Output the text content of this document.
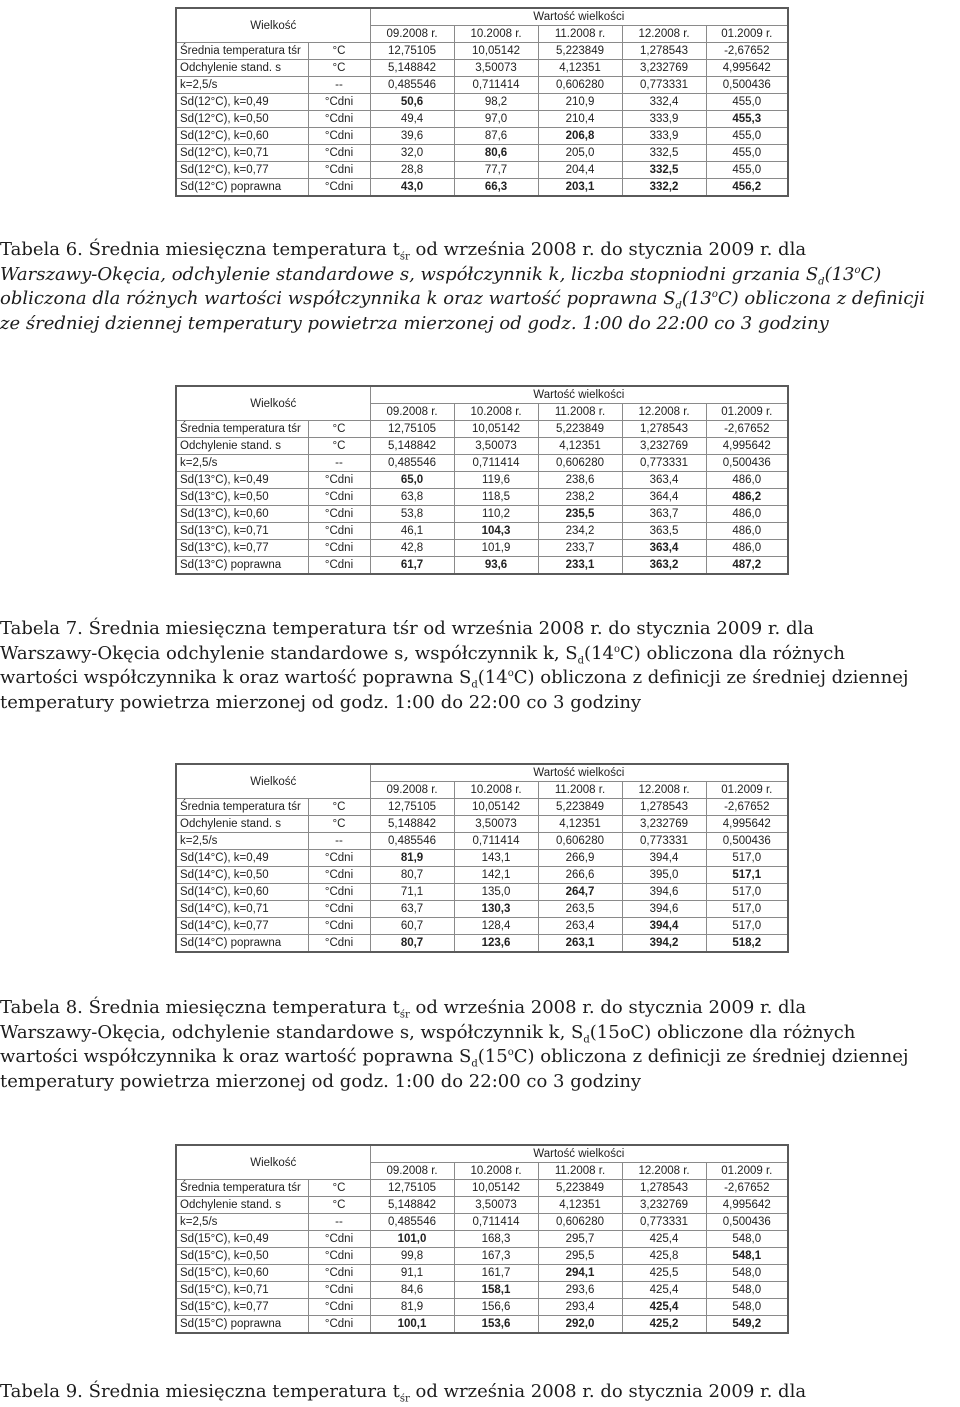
Wielkość		Wartość wielkości				
		09.2008 r.	10.2008 r.	11.2008 r.	12.2008 r.	01.2009 r.
Średnia temperatura tśr	°C	12,75105	10,05142	5,223849	1,278543	-2,67652
Odchylenie stand. s	°C	5,148842	3,50073	4,12351	3,232769	4,995642
k=2,5/s	--	0,485546	0,711414	0,606280	0,773331	0,500436
Sd(12°C), k=0,49	°Cdni	50,6	98,2	210,9	332,4	455,0
Sd(12°C), k=0,50	°Cdni	49,4	97,0	210,4	333,9	455,3
Sd(12°C), k=0,60	°Cdni	39,6	87,6	206,8	333,9	455,0
Sd(12°C), k=0,71	°Cdni	32,0	80,6	205,0	332,5	455,0
Sd(12°C), k=0,77	°Cdni	28,8	77,7	204,4	332,5	455,0
Sd(12°C) poprawna	°Cdni	43,0	66,3	203,1	332,2	456,2

Tabela 6. Średnia miesięczna temperatura $t_{śr}$ od września 2008 r. do stycznia 2009 r. dla
Warszawy-Okęcia, odchylenie standardowe s, współczynnik k, liczba stopniodni grzania $S_d(13^oC)$
obliczona dla różnych wartości współczynnika k oraz wartość poprawna $S_d(13^oC)$ obliczona z definicji
ze średniej dziennej temperatury powietrza mierzonej od godz. 1:00 do 22:00 co 3 godziny

Wielkość		Wartość wielkości				
		09.2008 r.	10.2008 r.	11.2008 r.	12.2008 r.	01.2009 r.
Średnia temperatura tśr	°C	12,75105	10,05142	5,223849	1,278543	-2,67652
Odchylenie stand. s	°C	5,148842	3,50073	4,12351	3,232769	4,995642
k=2,5/s	--	0,485546	0,711414	0,606280	0,773331	0,500436
Sd(13°C), k=0,49	°Cdni	65,0	119,6	238,6	363,4	486,0
Sd(13°C), k=0,50	°Cdni	63,8	118,5	238,2	364,4	486,2
Sd(13°C), k=0,60	°Cdni	53,8	110,2	235,5	363,7	486,0
Sd(13°C), k=0,71	°Cdni	46,1	104,3	234,2	363,5	486,0
Sd(13°C), k=0,77	°Cdni	42,8	101,9	233,7	363,4	486,0
Sd(13°C) poprawna	°Cdni	61,7	93,6	233,1	363,2	487,2

Tabela 7. Średnia miesięczna temperatura tśr od września 2008 r. do stycznia 2009 r. dla
Warszawy-Okęcia odchylenie standardowe s, współczynnik k, $S_d(14^oC)$ obliczona dla różnych
wartości współczynnika k oraz wartość poprawna $S_d(14^oC)$ obliczona z definicji ze średniej dziennej
temperatury powietrza mierzonej od godz. 1:00 do 22:00 co 3 godziny

Wielkość		Wartość wielkości				
		09.2008 r.	10.2008 r.	11.2008 r.	12.2008 r.	01.2009 r.
Średnia temperatura tśr	°C	12,75105	10,05142	5,223849	1,278543	-2,67652
Odchylenie stand. s	°C	5,148842	3,50073	4,12351	3,232769	4,995642
k=2,5/s	--	0,485546	0,711414	0,606280	0,773331	0,500436
Sd(14°C), k=0,49	°Cdni	81,9	143,1	266,9	394,4	517,0
Sd(14°C), k=0,50	°Cdni	80,7	142,1	266,6	395,0	517,1
Sd(14°C), k=0,60	°Cdni	71,1	135,0	264,7	394,6	517,0
Sd(14°C), k=0,71	°Cdni	63,7	130,3	263,5	394,6	517,0
Sd(14°C), k=0,77	°Cdni	60,7	128,4	263,4	394,4	517,0
Sd(14°C) poprawna	°Cdni	80,7	123,6	263,1	394,2	518,2

Tabela 8. Średnia miesięczna temperatura $t_{śr}$ od września 2008 r. do stycznia 2009 r. dla
Warszawy-Okęcia, odchylenie standardowe s, współczynnik k, $S_d(15oC)$ obliczone dla różnych
wartości współczynnika k oraz wartość poprawna $S_d(15^oC)$ obliczona z definicji ze średniej dziennej
temperatury powietrza mierzonej od godz. 1:00 do 22:00 co 3 godziny

Wielkość		Wartość wielkości				
		09.2008 r.	10.2008 r.	11.2008 r.	12.2008 r.	01.2009 r.
Średnia temperatura tśr	°C	12,75105	10,05142	5,223849	1,278543	-2,67652
Odchylenie stand. s	°C	5,148842	3,50073	4,12351	3,232769	4,995642
k=2,5/s	--	0,485546	0,711414	0,606280	0,773331	0,500436
Sd(15°C), k=0,49	°Cdni	101,0	168,3	295,7	425,4	548,0
Sd(15°C), k=0,50	°Cdni	99,8	167,3	295,5	425,8	548,1
Sd(15°C), k=0,60	°Cdni	91,1	161,7	294,1	425,5	548,0
Sd(15°C), k=0,71	°Cdni	84,6	158,1	293,6	425,4	548,0
Sd(15°C), k=0,77	°Cdni	81,9	156,6	293,4	425,4	548,0
Sd(15°C) poprawna	°Cdni	100,1	153,6	292,0	425,2	549,2

Tabela 9. Średnia miesięczna temperatura $t_{śr}$ od września 2008 r. do stycznia 2009 r. dla
